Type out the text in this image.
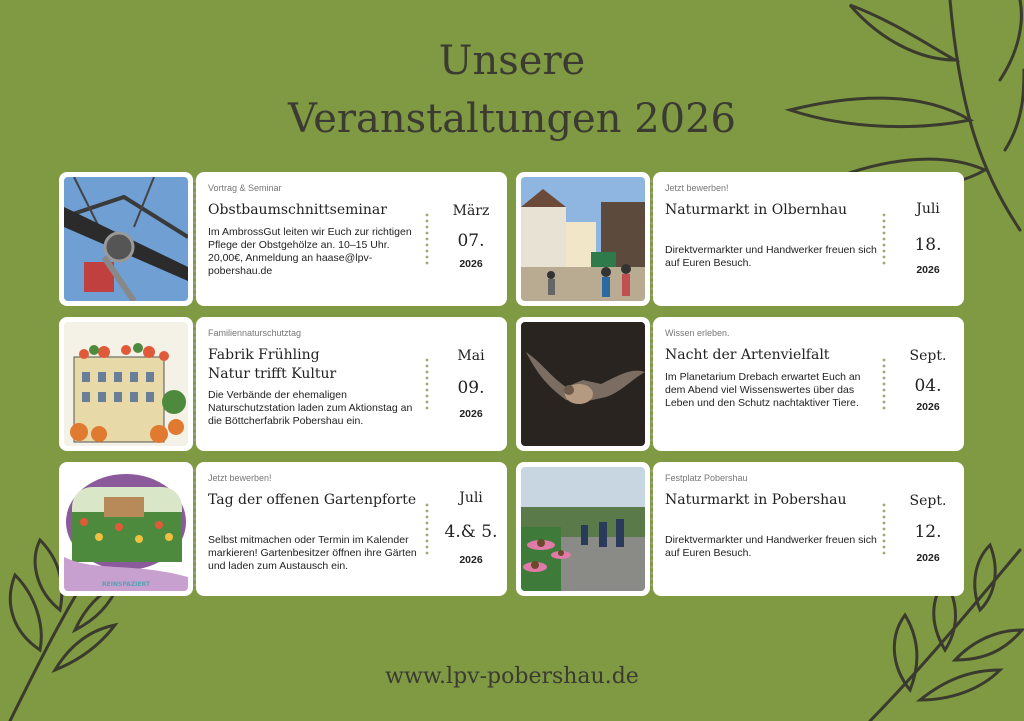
Unsere
Veranstaltungen 2026
Vortrag & Seminar
Obstbaumschnittseminar
Im AmbrossGut leiten wir Euch zur richtigen Pflege der Obstgehölze an. 10–15 Uhr. 20,00€, Anmeldung an haase@lpv-pobershau.de
März
07.
2026
Jetzt bewerben!
Naturmarkt in Olbernhau
Direktvermarkter und Handwerker freuen sich auf Euren Besuch.
Juli
18.
2026
Familiennaturschutztag
Fabrik Frühling
Natur trifft Kultur
Die Verbände der ehemaligen Naturschutzstation laden zum Aktionstag an die Böttcherfabrik Pobershau ein.
Mai
09.
2026
Wissen erleben.
Nacht der Artenvielfalt
Im Planetarium Drebach erwartet Euch an dem Abend viel Wissenswertes über das Leben und den Schutz nachtaktiver Tiere.
Sept.
04.
2026
REINSPAZIERT
Jetzt bewerben!
Tag der offenen Gartenpforte
Selbst mitmachen oder Termin im Kalender markieren! Gartenbesitzer öffnen ihre Gärten und laden zum Austausch ein.
Juli
4.& 5.
2026
Festplatz Pobershau
Naturmarkt in Pobershau
Direktvermarkter und Handwerker freuen sich auf Euren Besuch.
Sept.
12.
2026
www.lpv-pobershau.de
